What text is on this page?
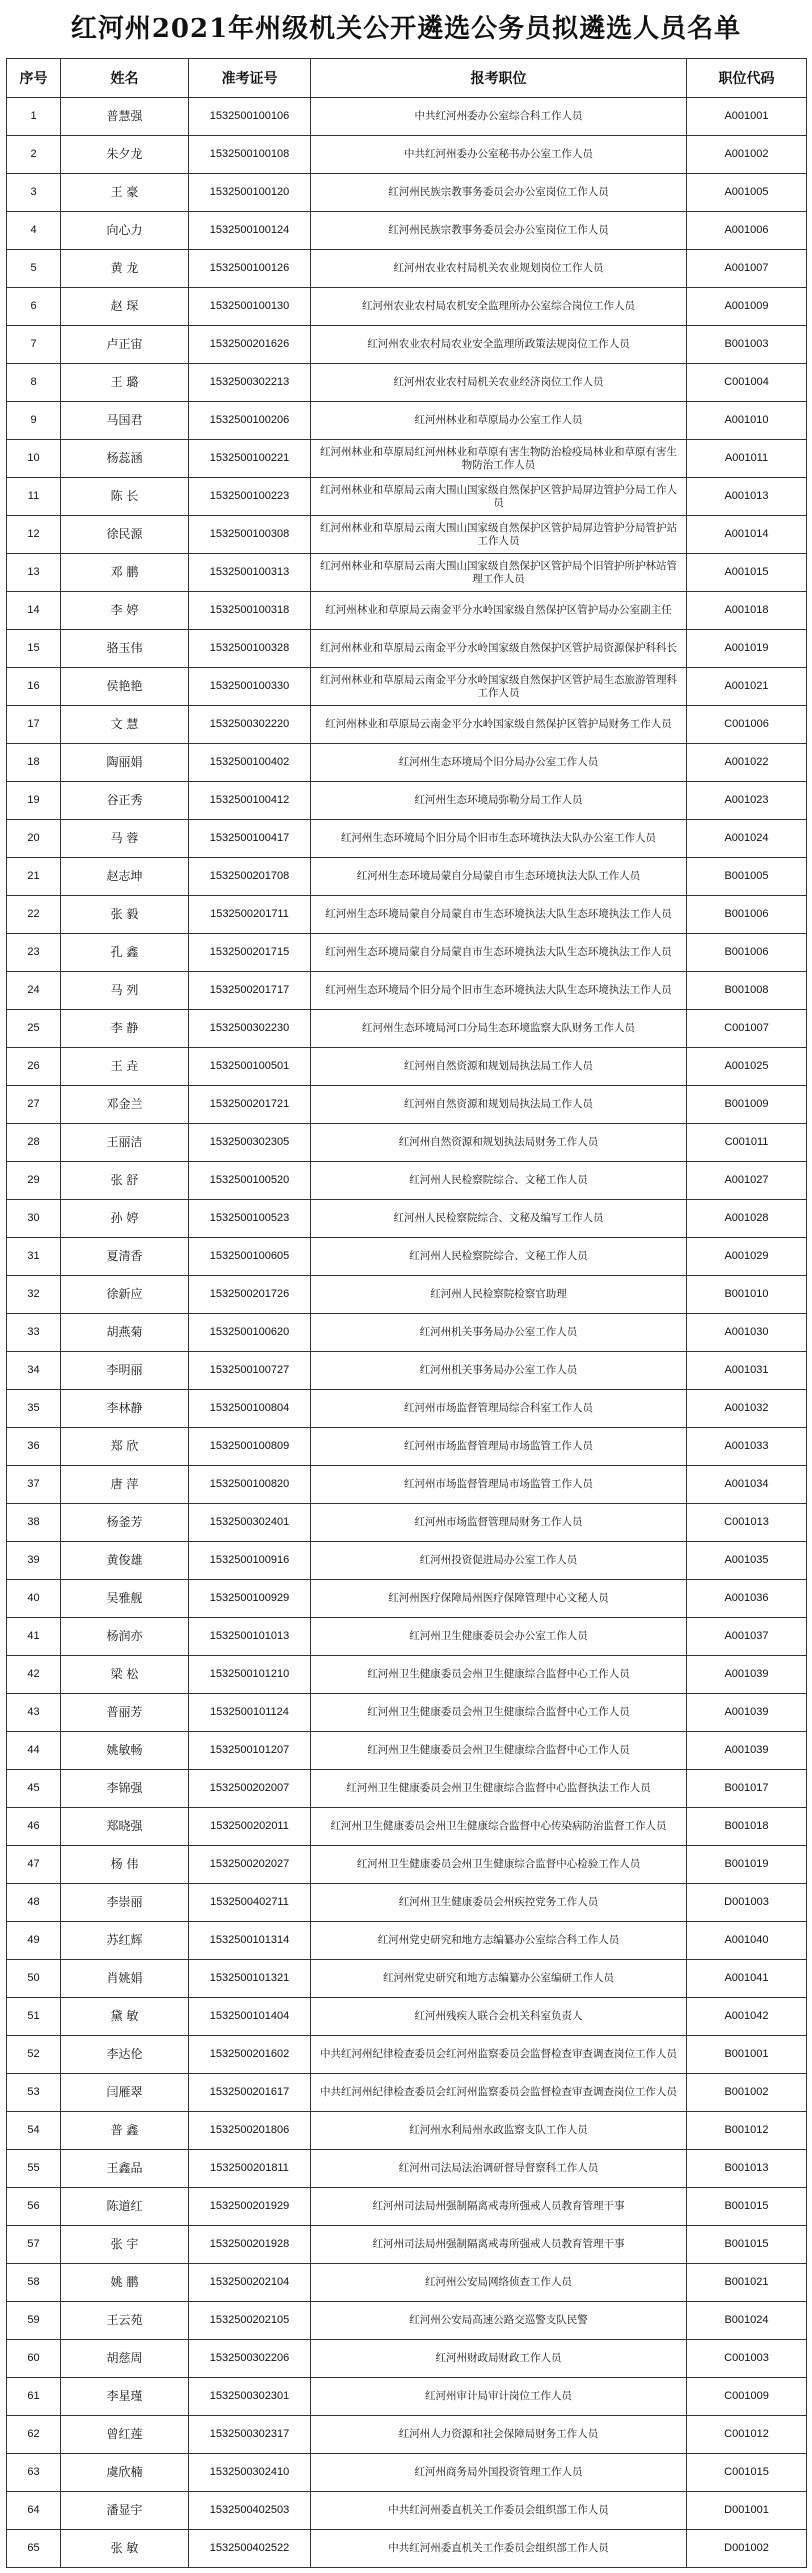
红河州2021年州级机关公开遴选公务员拟遴选人员名单
序号	姓名	准考证号	报考职位	职位代码
1	普慧强	1532500100106	中共红河州委办公室综合科工作人员	A001001
2	朱夕龙	1532500100108	中共红河州委办公室秘书办公室工作人员	A001002
3	王 豪	1532500100120	红河州民族宗教事务委员会办公室岗位工作人员	A001005
4	向心力	1532500100124	红河州民族宗教事务委员会办公室岗位工作人员	A001006
5	黄 龙	1532500100126	红河州农业农村局机关农业规划岗位工作人员	A001007
6	赵 琛	1532500100130	红河州农业农村局农机安全监理所办公室综合岗位工作人员	A001009
7	卢正宙	1532500201626	红河州农业农村局农业安全监理所政策法规岗位工作人员	B001003
8	王 璐	1532500302213	红河州农业农村局机关农业经济岗位工作人员	C001004
9	马国君	1532500100206	红河州林业和草原局办公室工作人员	A001010
10	杨蕊涵	1532500100221	红河州林业和草原局红河州林业和草原有害生物防治检疫局林业和草原有害生物防治工作人员	A001011
11	陈 长	1532500100223	红河州林业和草原局云南大围山国家级自然保护区管护局屏边管护分局工作人员	A001013
12	徐民源	1532500100308	红河州林业和草原局云南大围山国家级自然保护区管护局屏边管护分局管护站工作人员	A001014
13	邓 鹏	1532500100313	红河州林业和草原局云南大围山国家级自然保护区管护局个旧管护所护林站管理工作人员	A001015
14	李 婷	1532500100318	红河州林业和草原局云南金平分水岭国家级自然保护区管护局办公室副主任	A001018
15	骆玉伟	1532500100328	红河州林业和草原局云南金平分水岭国家级自然保护区管护局资源保护科科长	A001019
16	侯艳艳	1532500100330	红河州林业和草原局云南金平分水岭国家级自然保护区管护局生态旅游管理科工作人员	A001021
17	文 慧	1532500302220	红河州林业和草原局云南金平分水岭国家级自然保护区管护局财务工作人员	C001006
18	陶丽娟	1532500100402	红河州生态环境局个旧分局办公室工作人员	A001022
19	谷正秀	1532500100412	红河州生态环境局弥勒分局工作人员	A001023
20	马 蓉	1532500100417	红河州生态环境局个旧分局个旧市生态环境执法大队办公室工作人员	A001024
21	赵志坤	1532500201708	红河州生态环境局蒙自分局蒙自市生态环境执法大队工作人员	B001005
22	张 毅	1532500201711	红河州生态环境局蒙自分局蒙自市生态环境执法大队生态环境执法工作人员	B001006
23	孔 鑫	1532500201715	红河州生态环境局蒙自分局蒙自市生态环境执法大队生态环境执法工作人员	B001006
24	马 列	1532500201717	红河州生态环境局个旧分局个旧市生态环境执法大队生态环境执法工作人员	B001008
25	李 静	1532500302230	红河州生态环境局河口分局生态环境监察大队财务工作人员	C001007
26	王 垚	1532500100501	红河州自然资源和规划局执法局工作人员	A001025
27	邓金兰	1532500201721	红河州自然资源和规划局执法局工作人员	B001009
28	王丽洁	1532500302305	红河州自然资源和规划执法局财务工作人员	C001011
29	张 舒	1532500100520	红河州人民检察院综合、文秘工作人员	A001027
30	孙 婷	1532500100523	红河州人民检察院综合、文秘及编写工作人员	A001028
31	夏清香	1532500100605	红河州人民检察院综合、文秘工作人员	A001029
32	徐新应	1532500201726	红河州人民检察院检察官助理	B001010
33	胡燕菊	1532500100620	红河州机关事务局办公室工作人员	A001030
34	李明丽	1532500100727	红河州机关事务局办公室工作人员	A001031
35	李林静	1532500100804	红河州市场监督管理局综合科室工作人员	A001032
36	郑 欣	1532500100809	红河州市场监督管理局市场监管工作人员	A001033
37	唐 萍	1532500100820	红河州市场监督管理局市场监管工作人员	A001034
38	杨釜芳	1532500302401	红河州市场监督管理局财务工作人员	C001013
39	黄俊雄	1532500100916	红河州投资促进局办公室工作人员	A001035
40	吴雅舰	1532500100929	红河州医疗保障局州医疗保障管理中心文秘人员	A001036
41	杨润亦	1532500101013	红河州卫生健康委员会办公室工作人员	A001037
42	梁 松	1532500101210	红河州卫生健康委员会州卫生健康综合监督中心工作人员	A001039
43	普丽芳	1532500101124	红河州卫生健康委员会州卫生健康综合监督中心工作人员	A001039
44	姚敏畅	1532500101207	红河州卫生健康委员会州卫生健康综合监督中心工作人员	A001039
45	李锦强	1532500202007	红河州卫生健康委员会州卫生健康综合监督中心监督执法工作人员	B001017
46	郑晓强	1532500202011	红河州卫生健康委员会州卫生健康综合监督中心传染病防治监督工作人员	B001018
47	杨 伟	1532500202027	红河州卫生健康委员会州卫生健康综合监督中心检验工作人员	B001019
48	李崇丽	1532500402711	红河州卫生健康委员会州疾控党务工作人员	D001003
49	苏红辉	1532500101314	红河州党史研究和地方志编纂办公室综合科工作人员	A001040
50	肖姚娟	1532500101321	红河州党史研究和地方志编纂办公室编研工作人员	A001041
51	黛 敏	1532500101404	红河州残疾人联合会机关科室负责人	A001042
52	李达伦	1532500201602	中共红河州纪律检查委员会红河州监察委员会监督检查审查调查岗位工作人员	B001001
53	闫雁翠	1532500201617	中共红河州纪律检查委员会红河州监察委员会监督检查审查调查岗位工作人员	B001002
54	普 鑫	1532500201806	红河州水利局州水政监察支队工作人员	B001012
55	王鑫品	1532500201811	红河州司法局法治调研督导督察科工作人员	B001013
56	陈道红	1532500201929	红河州司法局州强制隔离戒毒所强戒人员教育管理干事	B001015
57	张 宇	1532500201928	红河州司法局州强制隔离戒毒所强戒人员教育管理干事	B001015
58	姚 鹏	1532500202104	红河州公安局网络侦查工作人员	B001021
59	王云苑	1532500202105	红河州公安局高速公路交巡警支队民警	B001024
60	胡慈周	1532500302206	红河州财政局财政工作人员	C001003
61	李星瑾	1532500302301	红河州审计局审计岗位工作人员	C001009
62	曾红莲	1532500302317	红河州人力资源和社会保障局财务工作人员	C001012
63	虞欣楠	1532500302410	红河州商务局外国投资管理工作人员	C001015
64	潘显宇	1532500402503	中共红河州委直机关工作委员会组织部工作人员	D001001
65	张 敏	1532500402522	中共红河州委直机关工作委员会组织部工作人员	D001002
